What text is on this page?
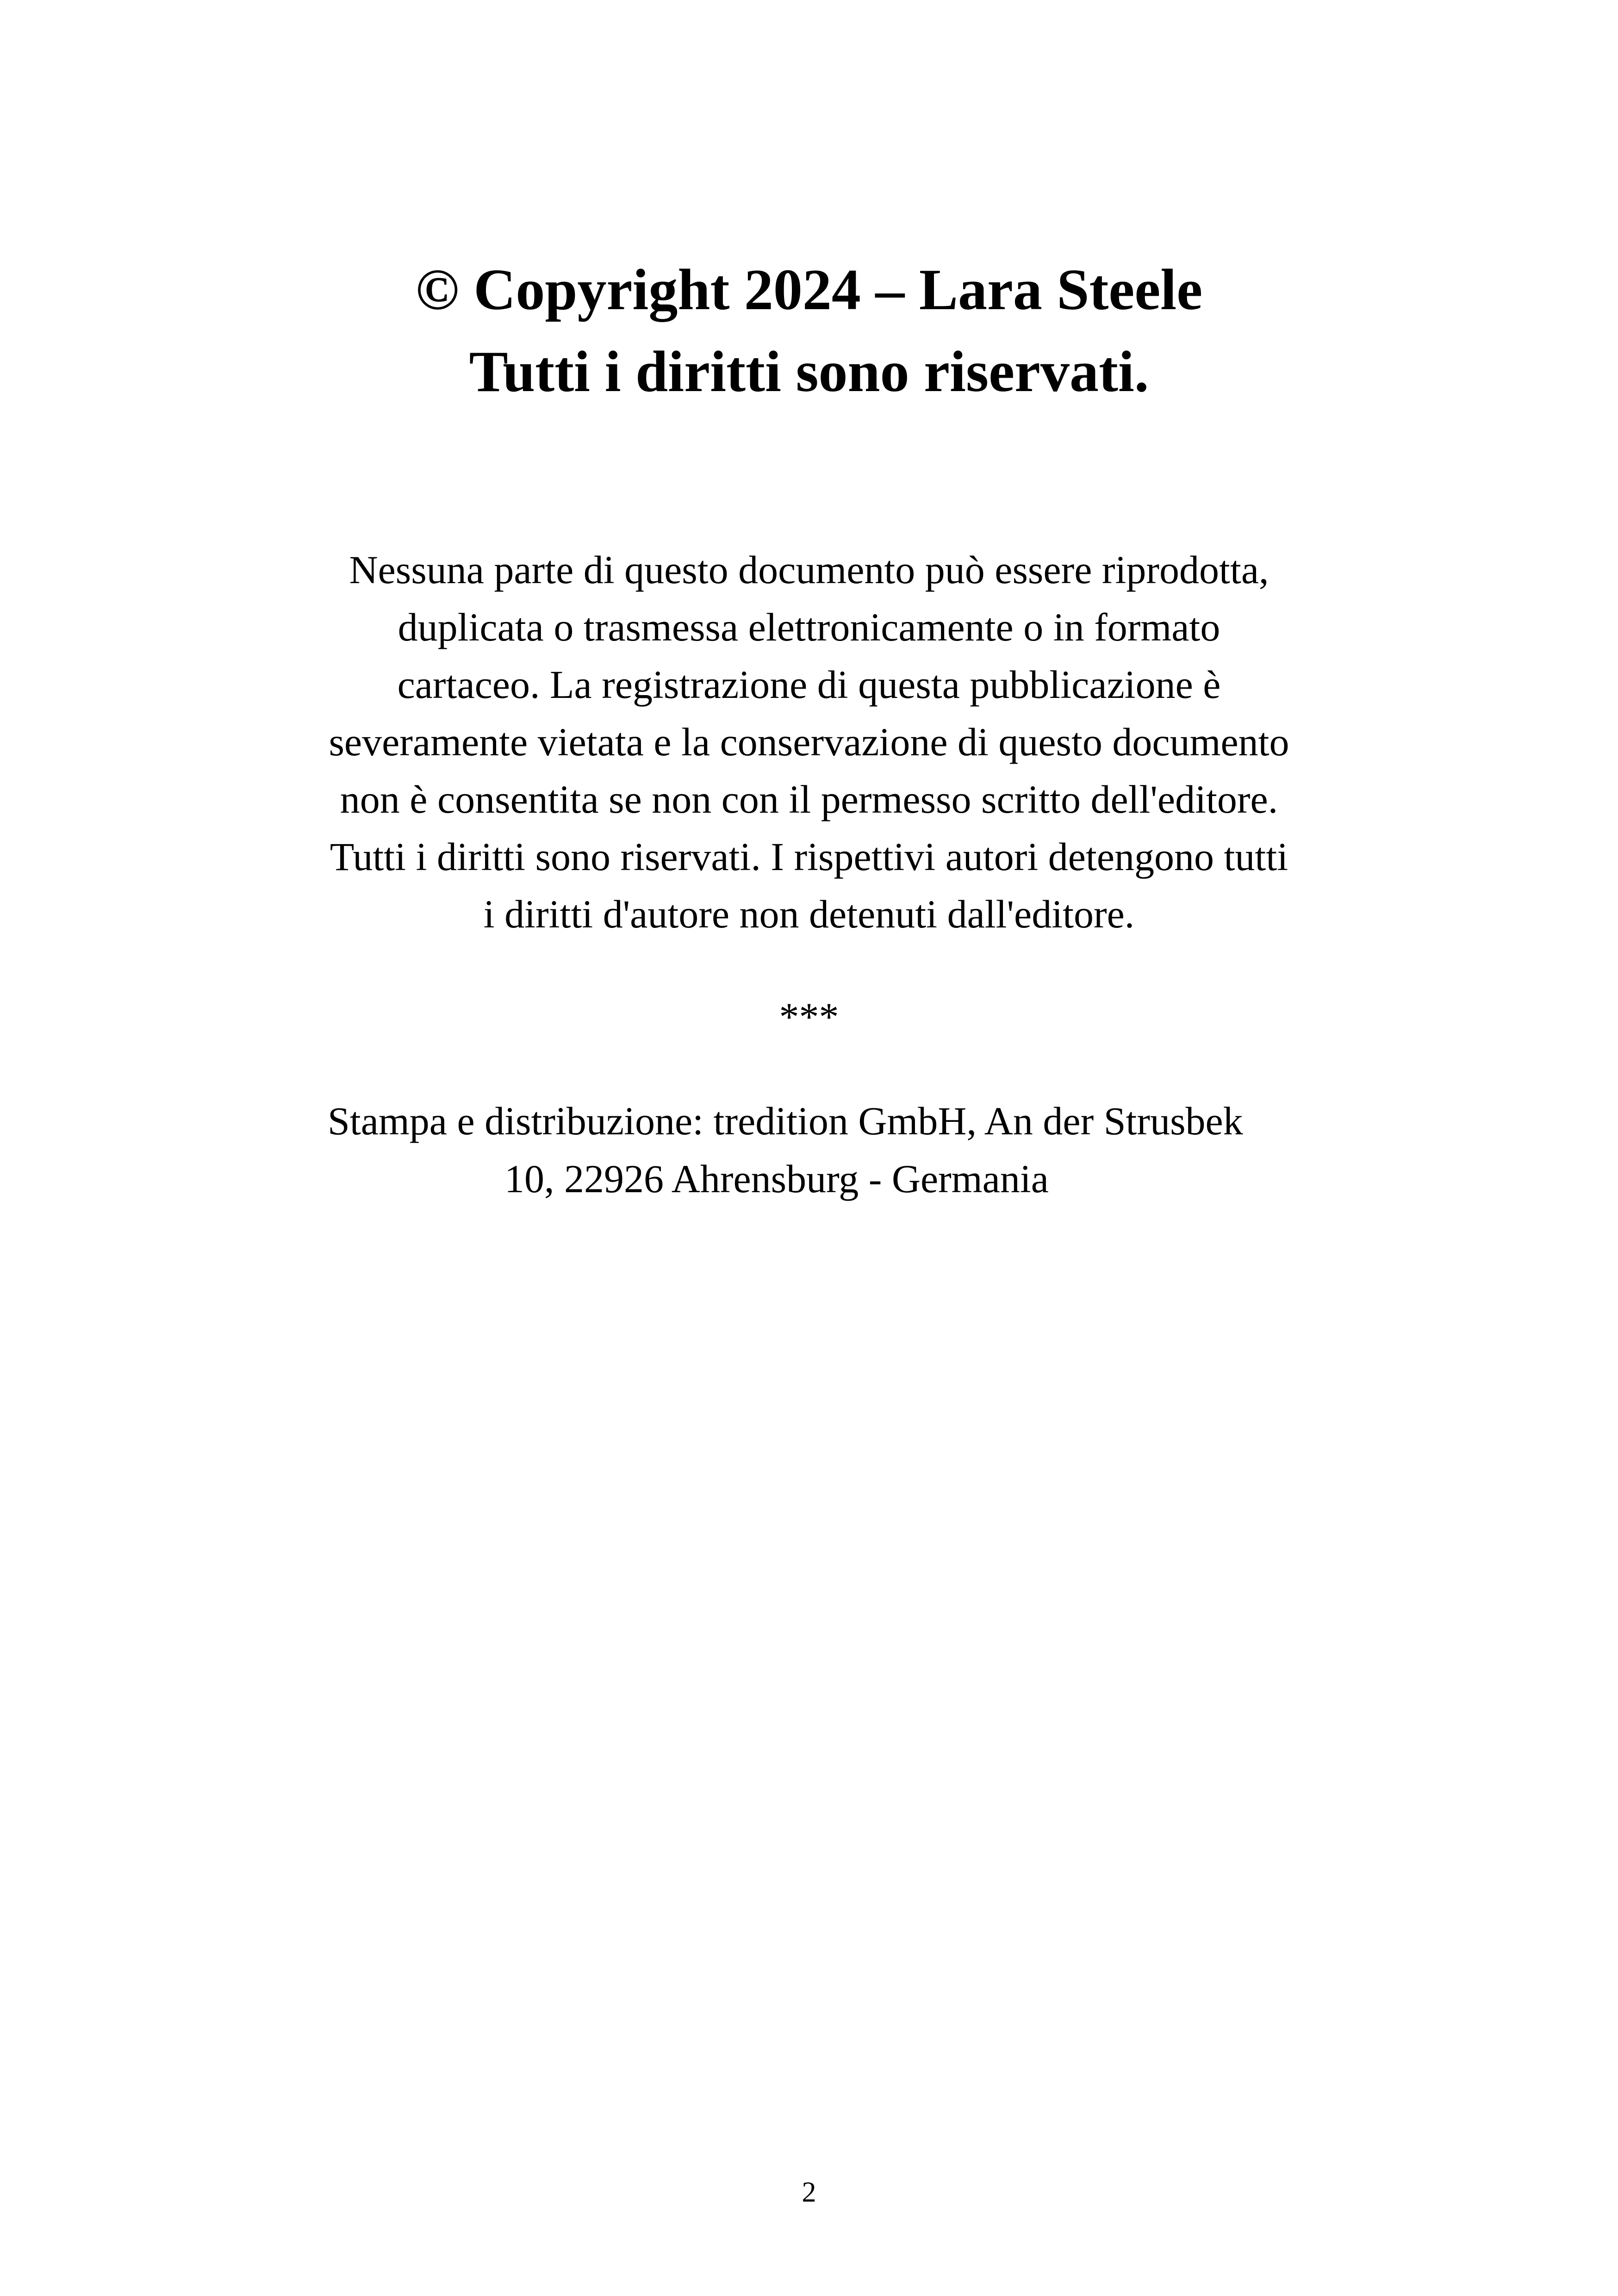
© Copyright 2024 – Lara Steele
Tutti i diritti sono riservati.
Nessuna parte di questo documento può essere riprodotta,
duplicata o trasmessa elettronicamente o in formato
cartaceo. La registrazione di questa pubblicazione è
severamente vietata e la conservazione di questo documento
non è consentita se non con il permesso scritto dell'editore.
Tutti i diritti sono riservati. I rispettivi autori detengono tutti
i diritti d'autore non detenuti dall'editore.
***
Stampa e distribuzione: tredition GmbH, An der Strusbek
10, 22926 Ahrensburg - Germania
2
